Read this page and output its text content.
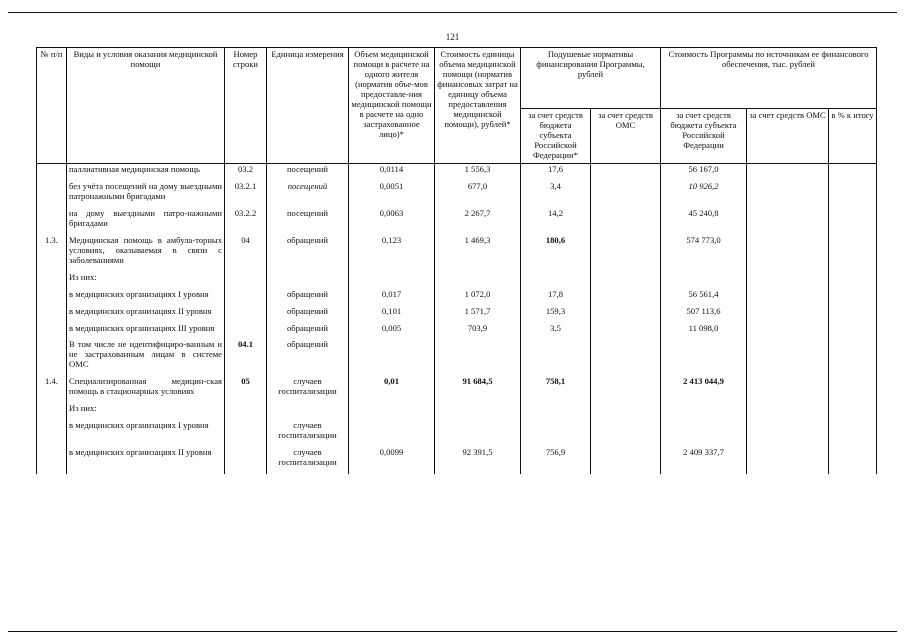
121
№ п/п	Виды и условия оказания медицинской помощи	Номер строки	Единица измерения	Объем медицинской помощи в расчете на одного жителя (норматив объе-мов предоставле-ния медицинской помощи в расчете на одно застрахованное лицо)*	Стоимость единицы объема медицинской помощи (норматив финансовых затрат на единицу объема предоставления медицинской помощи), рублей*	Подушевые нормативы финансирования Программы, рублей		Стоимость Программы по источникам ее финансового обеспечения, тыс. рублей		
						за счет средств бюджета субъекта Российской Федерации*	за счет средств ОМС	за счет средств бюджета субъекта Российской Федерации	за счет средств ОМС	в % к итогу
	паллиативная медицинская помощь	03.2	посещений	0,0114	1 556,3	17,6		56 167,0		
	без учёта посещений на дому выездными патронажными бригадами	03.2.1	посещений	0,0051	677,0	3,4		10 926,2		
	на дому выездными патро-нажными бригадами	03.2.2	посещений	0,0063	2 267,7	14,2		45 240,8		
1.3.	Медицинская помощь в амбула-торных условиях, оказываемая в связи с заболеваниями	04	обращений	0,123	1 469,3	180,6		574 773,0		
	Из них:									
	в медицинских организациях I уровня		обращений	0,017	1 072,0	17,8		56 561,4		
	в медицинских организациях II уровня		обращений	0,101	1 571,7	159,3		507 113,6		
	в медицинских организациях III уровня		обращений	0,005	703,9	3,5		11 098,0		
	В том числе не идентифициро-ванным и не застрахованным лицам в системе ОМС	04.1	обращений							
1.4.	Специализированная медицин-ская помощь в стационарных условиях	05	случаев госпитализации	0,01	91 684,5	758,1		2 413 044,9		
	Из них:									
	в медицинских организациях I уровня		случаев госпитализации							
	в медицинских организациях II уровня		случаев госпитализации	0,0099	92 391,5	756,9		2 409 337,7		
